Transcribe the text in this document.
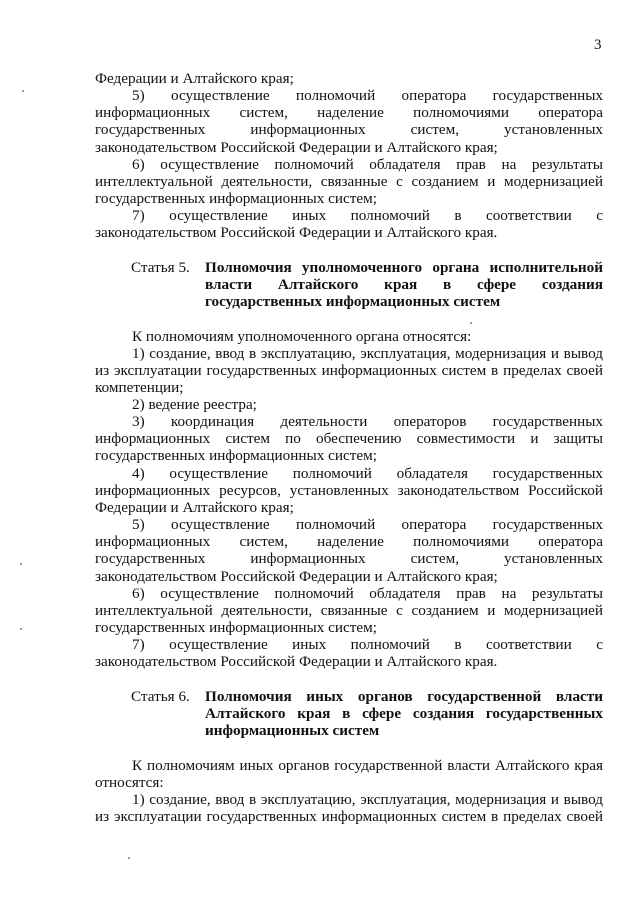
3

Федерации и Алтайского края;

5) осуществление полномочий оператора государственных информационных систем, наделение полномочиями оператора государственных информационных систем, установленных законодательством Российской Федерации и Алтайского края;

6) осуществление полномочий обладателя прав на результаты интеллектуальной деятельности, связанные с созданием и модернизацией государственных информационных систем;

7) осуществление иных полномочий в соответствии с законодательством Российской Федерации и Алтайского края.

Статья 5. Полномочия уполномоченного органа исполнительной
власти Алтайского края в сфере создания
государственных информационных систем

К полномочиям уполномоченного органа относятся:

1) создание, ввод в эксплуатацию, эксплуатация, модернизация и вывод из эксплуатации государственных информационных систем в пределах своей компетенции;

2) ведение реестра;

3) координация деятельности операторов государственных информационных систем по обеспечению совместимости и защиты государственных информационных систем;

4) осуществление полномочий обладателя государственных информационных ресурсов, установленных законодательством Российской Федерации и Алтайского края;

5) осуществление полномочий оператора государственных информационных систем, наделение полномочиями оператора государственных информационных систем, установленных законодательством Российской Федерации и Алтайского края;

6) осуществление полномочий обладателя прав на результаты интеллектуальной деятельности, связанные с созданием и модернизацией государственных информационных систем;

7) осуществление иных полномочий в соответствии с законодательством Российской Федерации и Алтайского края.

Статья 6. Полномочия иных органов государственной власти
Алтайского края в сфере создания государственных
информационных систем

К полномочиям иных органов государственной власти Алтайского края относятся:

1) создание, ввод в эксплуатацию, эксплуатация, модернизация и вывод из эксплуатации государственных информационных систем в пределах своей
